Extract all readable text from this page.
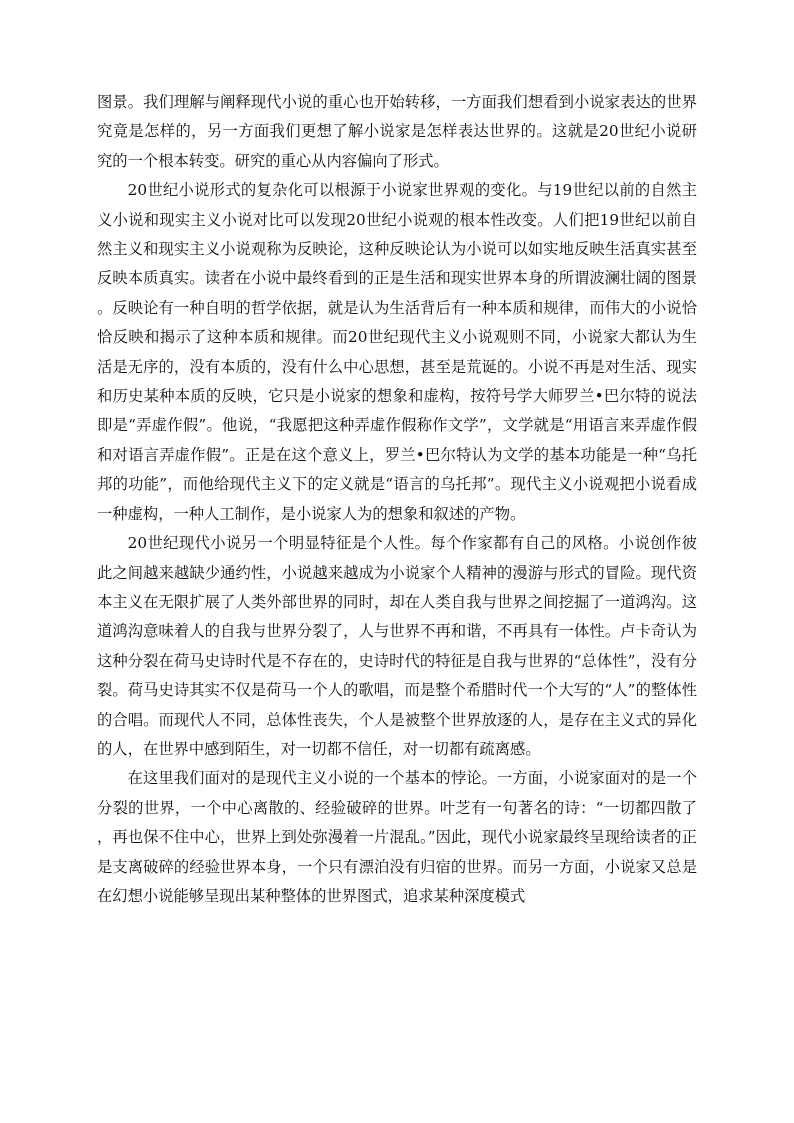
图景。我们理解与阐释现代小说的重心也开始转移，一方面我们想看到小说家表达的世界究竟是怎样的，另一方面我们更想了解小说家是怎样表达世界的。这就是20世纪小说研究的一个根本转变。研究的重心从内容偏向了形式。

20世纪小说形式的复杂化可以根源于小说家世界观的变化。与19世纪以前的自然主义小说和现实主义小说对比可以发现20世纪小说观的根本性改变。人们把19世纪以前自然主义和现实主义小说观称为反映论，这种反映论认为小说可以如实地反映生活真实甚至反映本质真实。读者在小说中最终看到的正是生活和现实世界本身的所谓波澜壮阔的图景。反映论有一种自明的哲学依据，就是认为生活背后有一种本质和规律，而伟大的小说恰恰反映和揭示了这种本质和规律。而20世纪现代主义小说观则不同，小说家大都认为生活是无序的，没有本质的，没有什么中心思想，甚至是荒诞的。小说不再是对生活、现实和历史某种本质的反映，它只是小说家的想象和虚构，按符号学大师罗兰•巴尔特的说法即是“弄虚作假”。他说，“我愿把这种弄虚作假称作文学”，文学就是“用语言来弄虚作假和对语言弄虚作假”。正是在这个意义上，罗兰•巴尔特认为文学的基本功能是一种“乌托邦的功能”，而他给现代主义下的定义就是“语言的乌托邦”。现代主义小说观把小说看成一种虚构，一种人工制作，是小说家人为的想象和叙述的产物。

20世纪现代小说另一个明显特征是个人性。每个作家都有自己的风格。小说创作彼此之间越来越缺少通约性，小说越来越成为小说家个人精神的漫游与形式的冒险。现代资本主义在无限扩展了人类外部世界的同时，却在人类自我与世界之间挖掘了一道鸿沟。这道鸿沟意味着人的自我与世界分裂了，人与世界不再和谐，不再具有一体性。卢卡奇认为这种分裂在荷马史诗时代是不存在的，史诗时代的特征是自我与世界的“总体性”，没有分裂。荷马史诗其实不仅是荷马一个人的歌唱，而是整个希腊时代一个大写的“人”的整体性的合唱。而现代人不同，总体性丧失，个人是被整个世界放逐的人，是存在主义式的异化的人，在世界中感到陌生，对一切都不信任，对一切都有疏离感。

在这里我们面对的是现代主义小说的一个基本的悖论。一方面，小说家面对的是一个分裂的世界，一个中心离散的、经验破碎的世界。叶芝有一句著名的诗：“一切都四散了，再也保不住中心，世界上到处弥漫着一片混乱。”因此，现代小说家最终呈现给读者的正是支离破碎的经验世界本身，一个只有漂泊没有归宿的世界。而另一方面，小说家又总是在幻想小说能够呈现出某种整体的世界图式，追求某种深度模式
